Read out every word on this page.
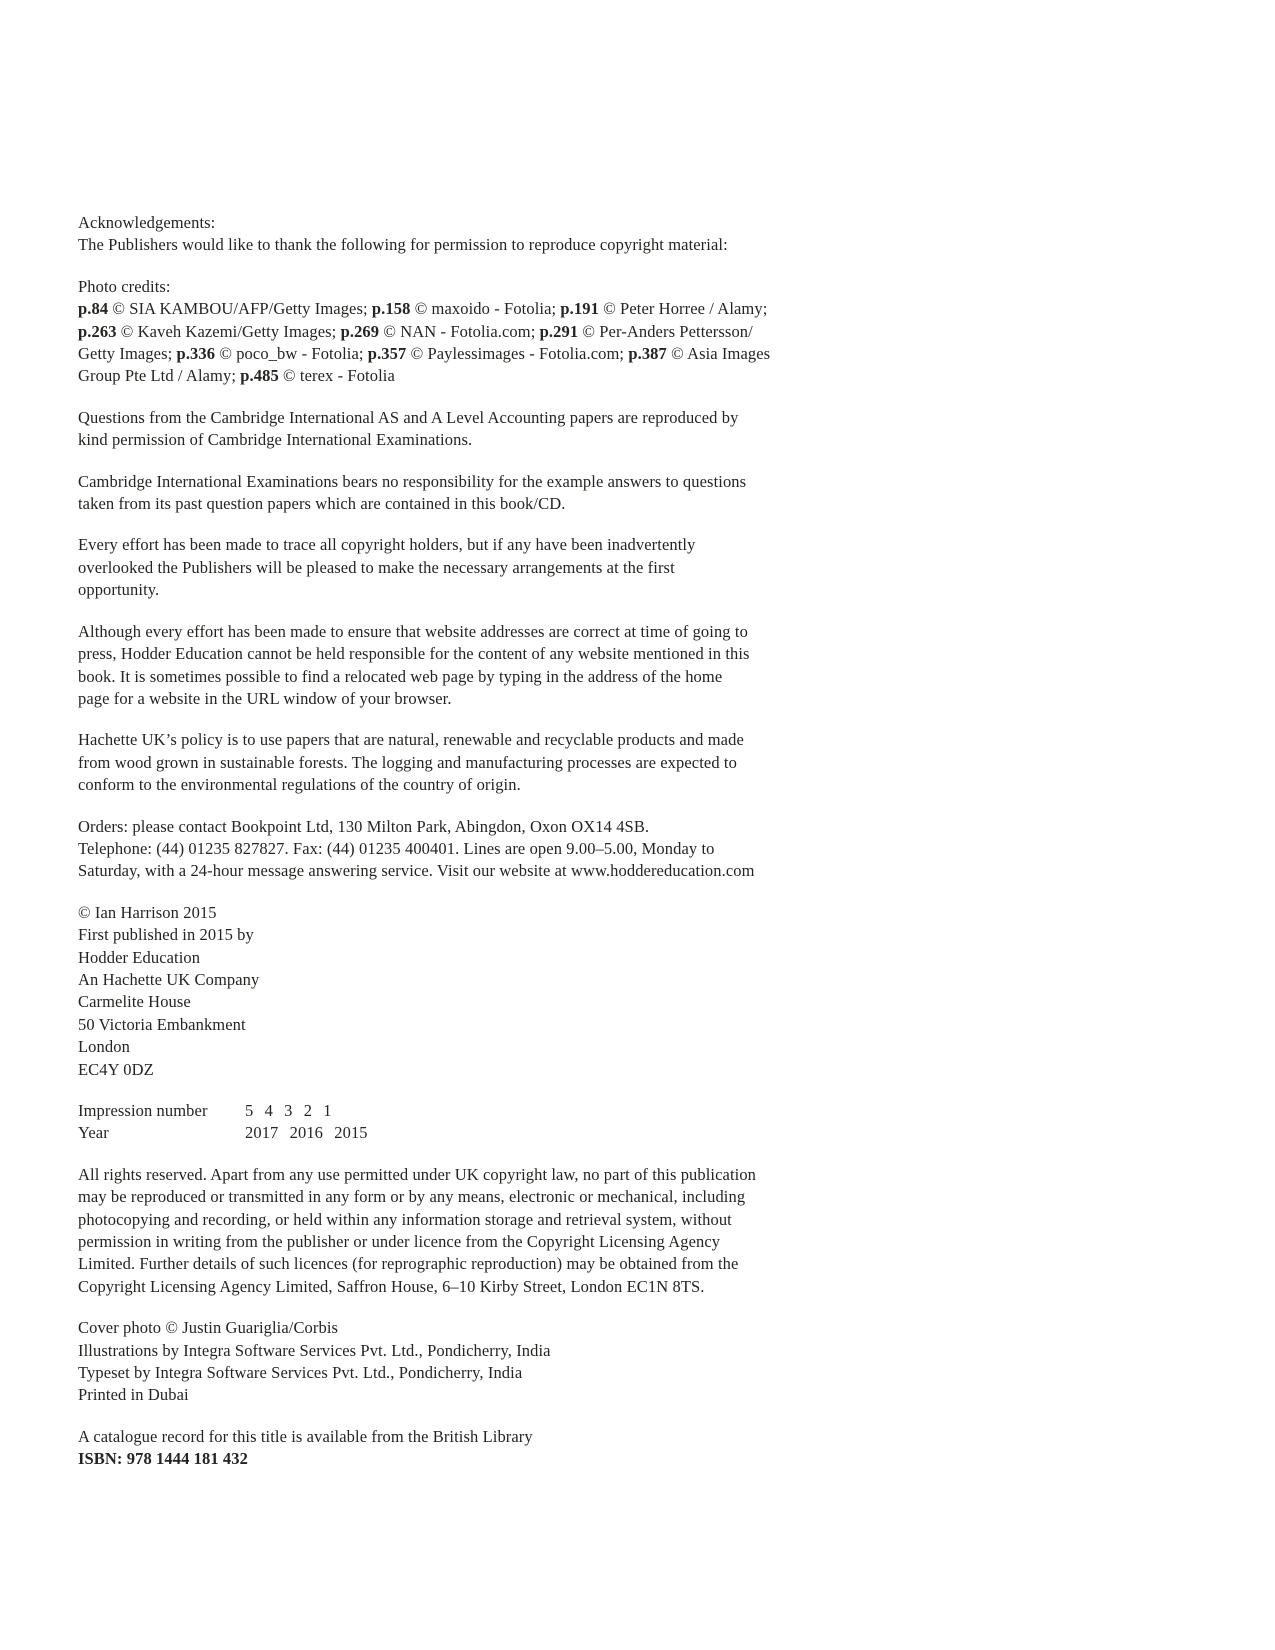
Acknowledgements:
The Publishers would like to thank the following for permission to reproduce copyright material:

Photo credits:
p.84 © SIA KAMBOU/AFP/Getty Images; p.158 © maxoido - Fotolia; p.191 © Peter Horree / Alamy;
p.263 © Kaveh Kazemi/Getty Images; p.269 © NAN - Fotolia.com; p.291 © Per-Anders Pettersson/
Getty Images; p.336 © poco_bw - Fotolia; p.357 © Paylessimages - Fotolia.com; p.387 © Asia Images
Group Pte Ltd / Alamy; p.485 © terex - Fotolia

Questions from the Cambridge International AS and A Level Accounting papers are reproduced by
kind permission of Cambridge International Examinations.

Cambridge International Examinations bears no responsibility for the example answers to questions
taken from its past question papers which are contained in this book/CD.

Every effort has been made to trace all copyright holders, but if any have been inadvertently
overlooked the Publishers will be pleased to make the necessary arrangements at the first
opportunity.

Although every effort has been made to ensure that website addresses are correct at time of going to
press, Hodder Education cannot be held responsible for the content of any website mentioned in this
book. It is sometimes possible to find a relocated web page by typing in the address of the home
page for a website in the URL window of your browser.

Hachette UK’s policy is to use papers that are natural, renewable and recyclable products and made
from wood grown in sustainable forests. The logging and manufacturing processes are expected to
conform to the environmental regulations of the country of origin.

Orders: please contact Bookpoint Ltd, 130 Milton Park, Abingdon, Oxon OX14 4SB.
Telephone: (44) 01235 827827. Fax: (44) 01235 400401. Lines are open 9.00–5.00, Monday to
Saturday, with a 24-hour message answering service. Visit our website at www.hoddereducation.com

© Ian Harrison 2015
First published in 2015 by
Hodder Education
An Hachette UK Company
Carmelite House
50 Victoria Embankment
London
EC4Y 0DZ

Impression number	5 4 3 2 1
Year	2017 2016 2015

All rights reserved. Apart from any use permitted under UK copyright law, no part of this publication
may be reproduced or transmitted in any form or by any means, electronic or mechanical, including
photocopying and recording, or held within any information storage and retrieval system, without
permission in writing from the publisher or under licence from the Copyright Licensing Agency
Limited. Further details of such licences (for reprographic reproduction) may be obtained from the
Copyright Licensing Agency Limited, Saffron House, 6–10 Kirby Street, London EC1N 8TS.

Cover photo © Justin Guariglia/Corbis
Illustrations by Integra Software Services Pvt. Ltd., Pondicherry, India
Typeset by Integra Software Services Pvt. Ltd., Pondicherry, India
Printed in Dubai

A catalogue record for this title is available from the British Library
ISBN: 978 1444 181 432
